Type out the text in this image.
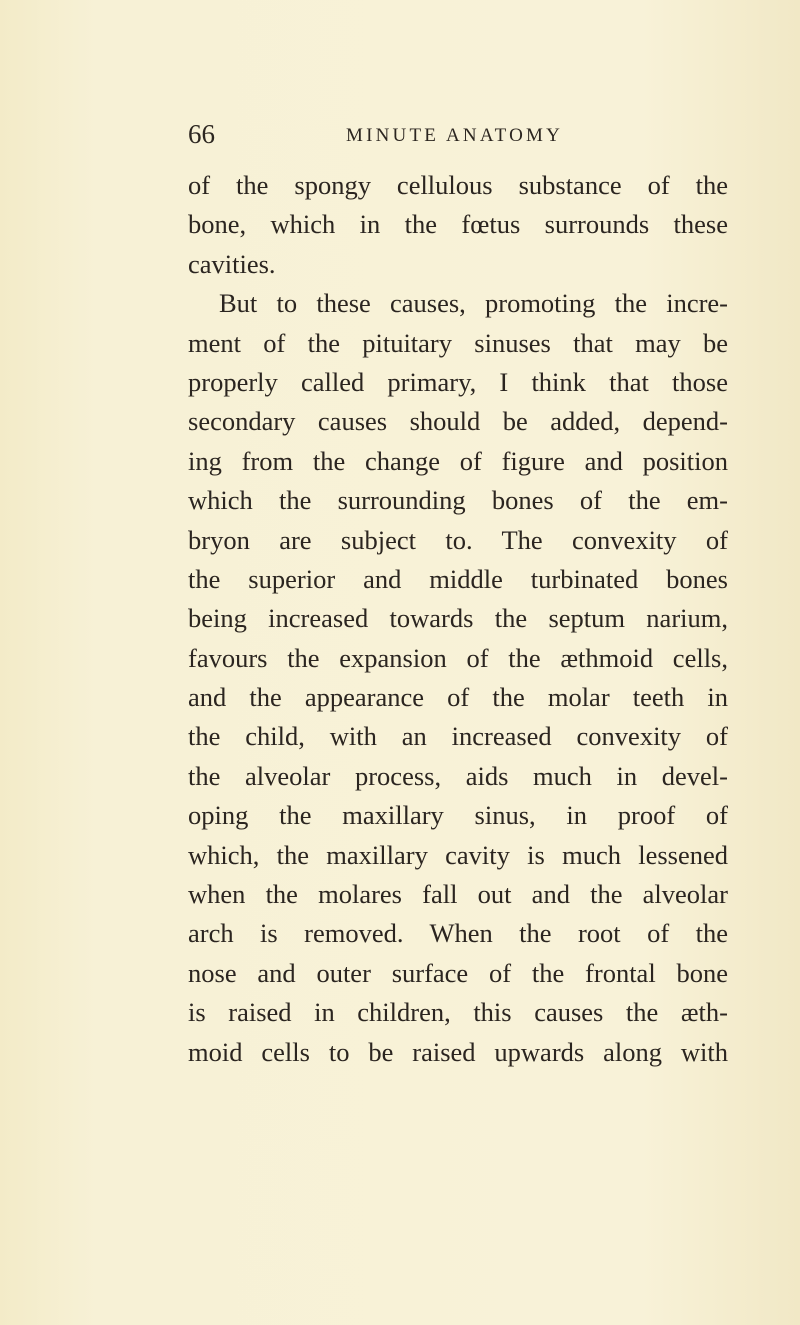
66	MINUTE ANATOMY
of the spongy cellulous substance of the
bone, which in the fœtus surrounds these
cavities.
But to these causes, promoting the incre-
ment of the pituitary sinuses that may be
properly called primary, I think that those
secondary causes should be added, depend-
ing from the change of figure and position
which the surrounding bones of the em-
bryon are subject to. The convexity of
the superior and middle turbinated bones
being increased towards the septum narium,
favours the expansion of the æthmoid cells,
and the appearance of the molar teeth in
the child, with an increased convexity of
the alveolar process, aids much in devel-
oping the maxillary sinus, in proof of
which, the maxillary cavity is much lessened
when the molares fall out and the alveolar
arch is removed. When the root of the
nose and outer surface of the frontal bone
is raised in children, this causes the æth-
moid cells to be raised upwards along with
